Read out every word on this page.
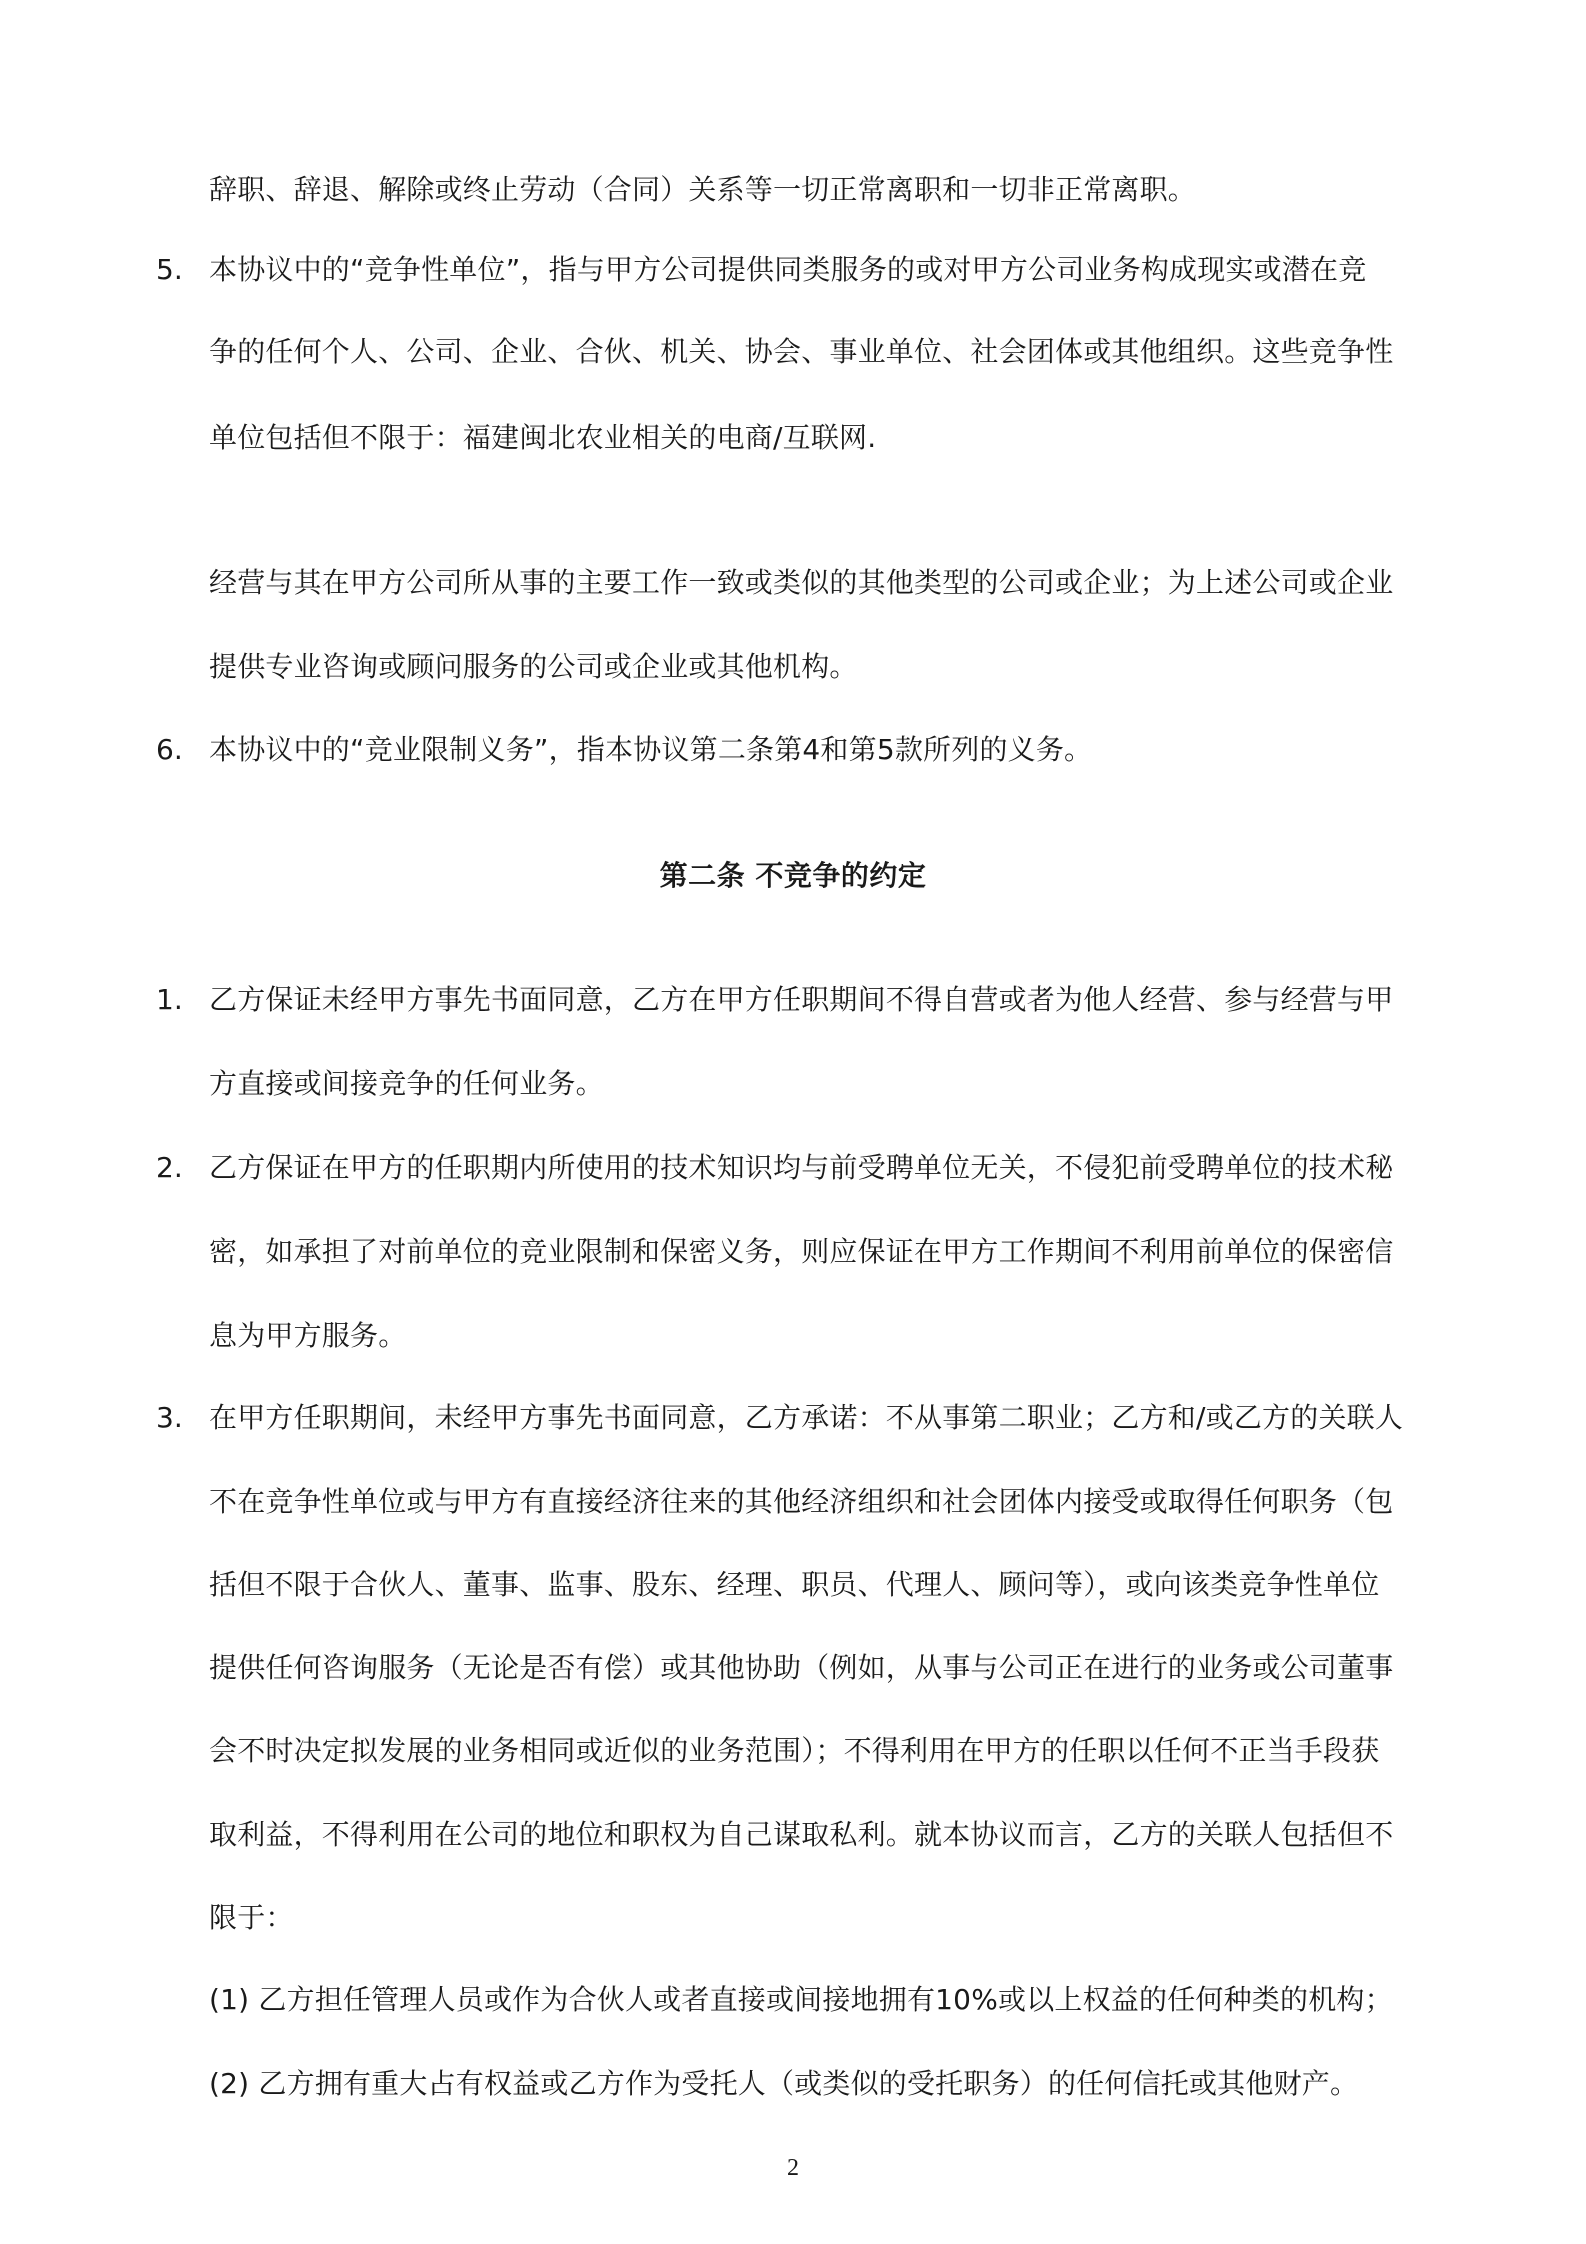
辞职、辞退、解除或终止劳动（合同）关系等一切正常离职和一切非正常离职。

5. 本协议中的“竞争性单位”，指与甲方公司提供同类服务的或对甲方公司业务构成现实或潜在竞

争的任何个人、公司、企业、合伙、机关、协会、事业单位、社会团体或其他组织。这些竞争性

单位包括但不限于：福建闽北农业相关的电商/互联网.

经营与其在甲方公司所从事的主要工作一致或类似的其他类型的公司或企业；为上述公司或企业

提供专业咨询或顾问服务的公司或企业或其他机构。

6. 本协议中的“竞业限制义务”，指本协议第二条第4和第5款所列的义务。

第二条 不竞争的约定
1. 乙方保证未经甲方事先书面同意，乙方在甲方任职期间不得自营或者为他人经营、参与经营与甲

方直接或间接竞争的任何业务。

2. 乙方保证在甲方的任职期内所使用的技术知识均与前受聘单位无关，不侵犯前受聘单位的技术秘

密，如承担了对前单位的竞业限制和保密义务，则应保证在甲方工作期间不利用前单位的保密信

息为甲方服务。

3. 在甲方任职期间，未经甲方事先书面同意，乙方承诺：不从事第二职业；乙方和/或乙方的关联人

不在竞争性单位或与甲方有直接经济往来的其他经济组织和社会团体内接受或取得任何职务（包

括但不限于合伙人、董事、监事、股东、经理、职员、代理人、顾问等），或向该类竞争性单位

提供任何咨询服务（无论是否有偿）或其他协助（例如，从事与公司正在进行的业务或公司董事

会不时决定拟发展的业务相同或近似的业务范围）；不得利用在甲方的任职以任何不正当手段获

取利益，不得利用在公司的地位和职权为自己谋取私利。就本协议而言，乙方的关联人包括但不

限于：

(1) 乙方担任管理人员或作为合伙人或者直接或间接地拥有10%或以上权益的任何种类的机构；

(2) 乙方拥有重大占有权益或乙方作为受托人（或类似的受托职务）的任何信托或其他财产。

2
